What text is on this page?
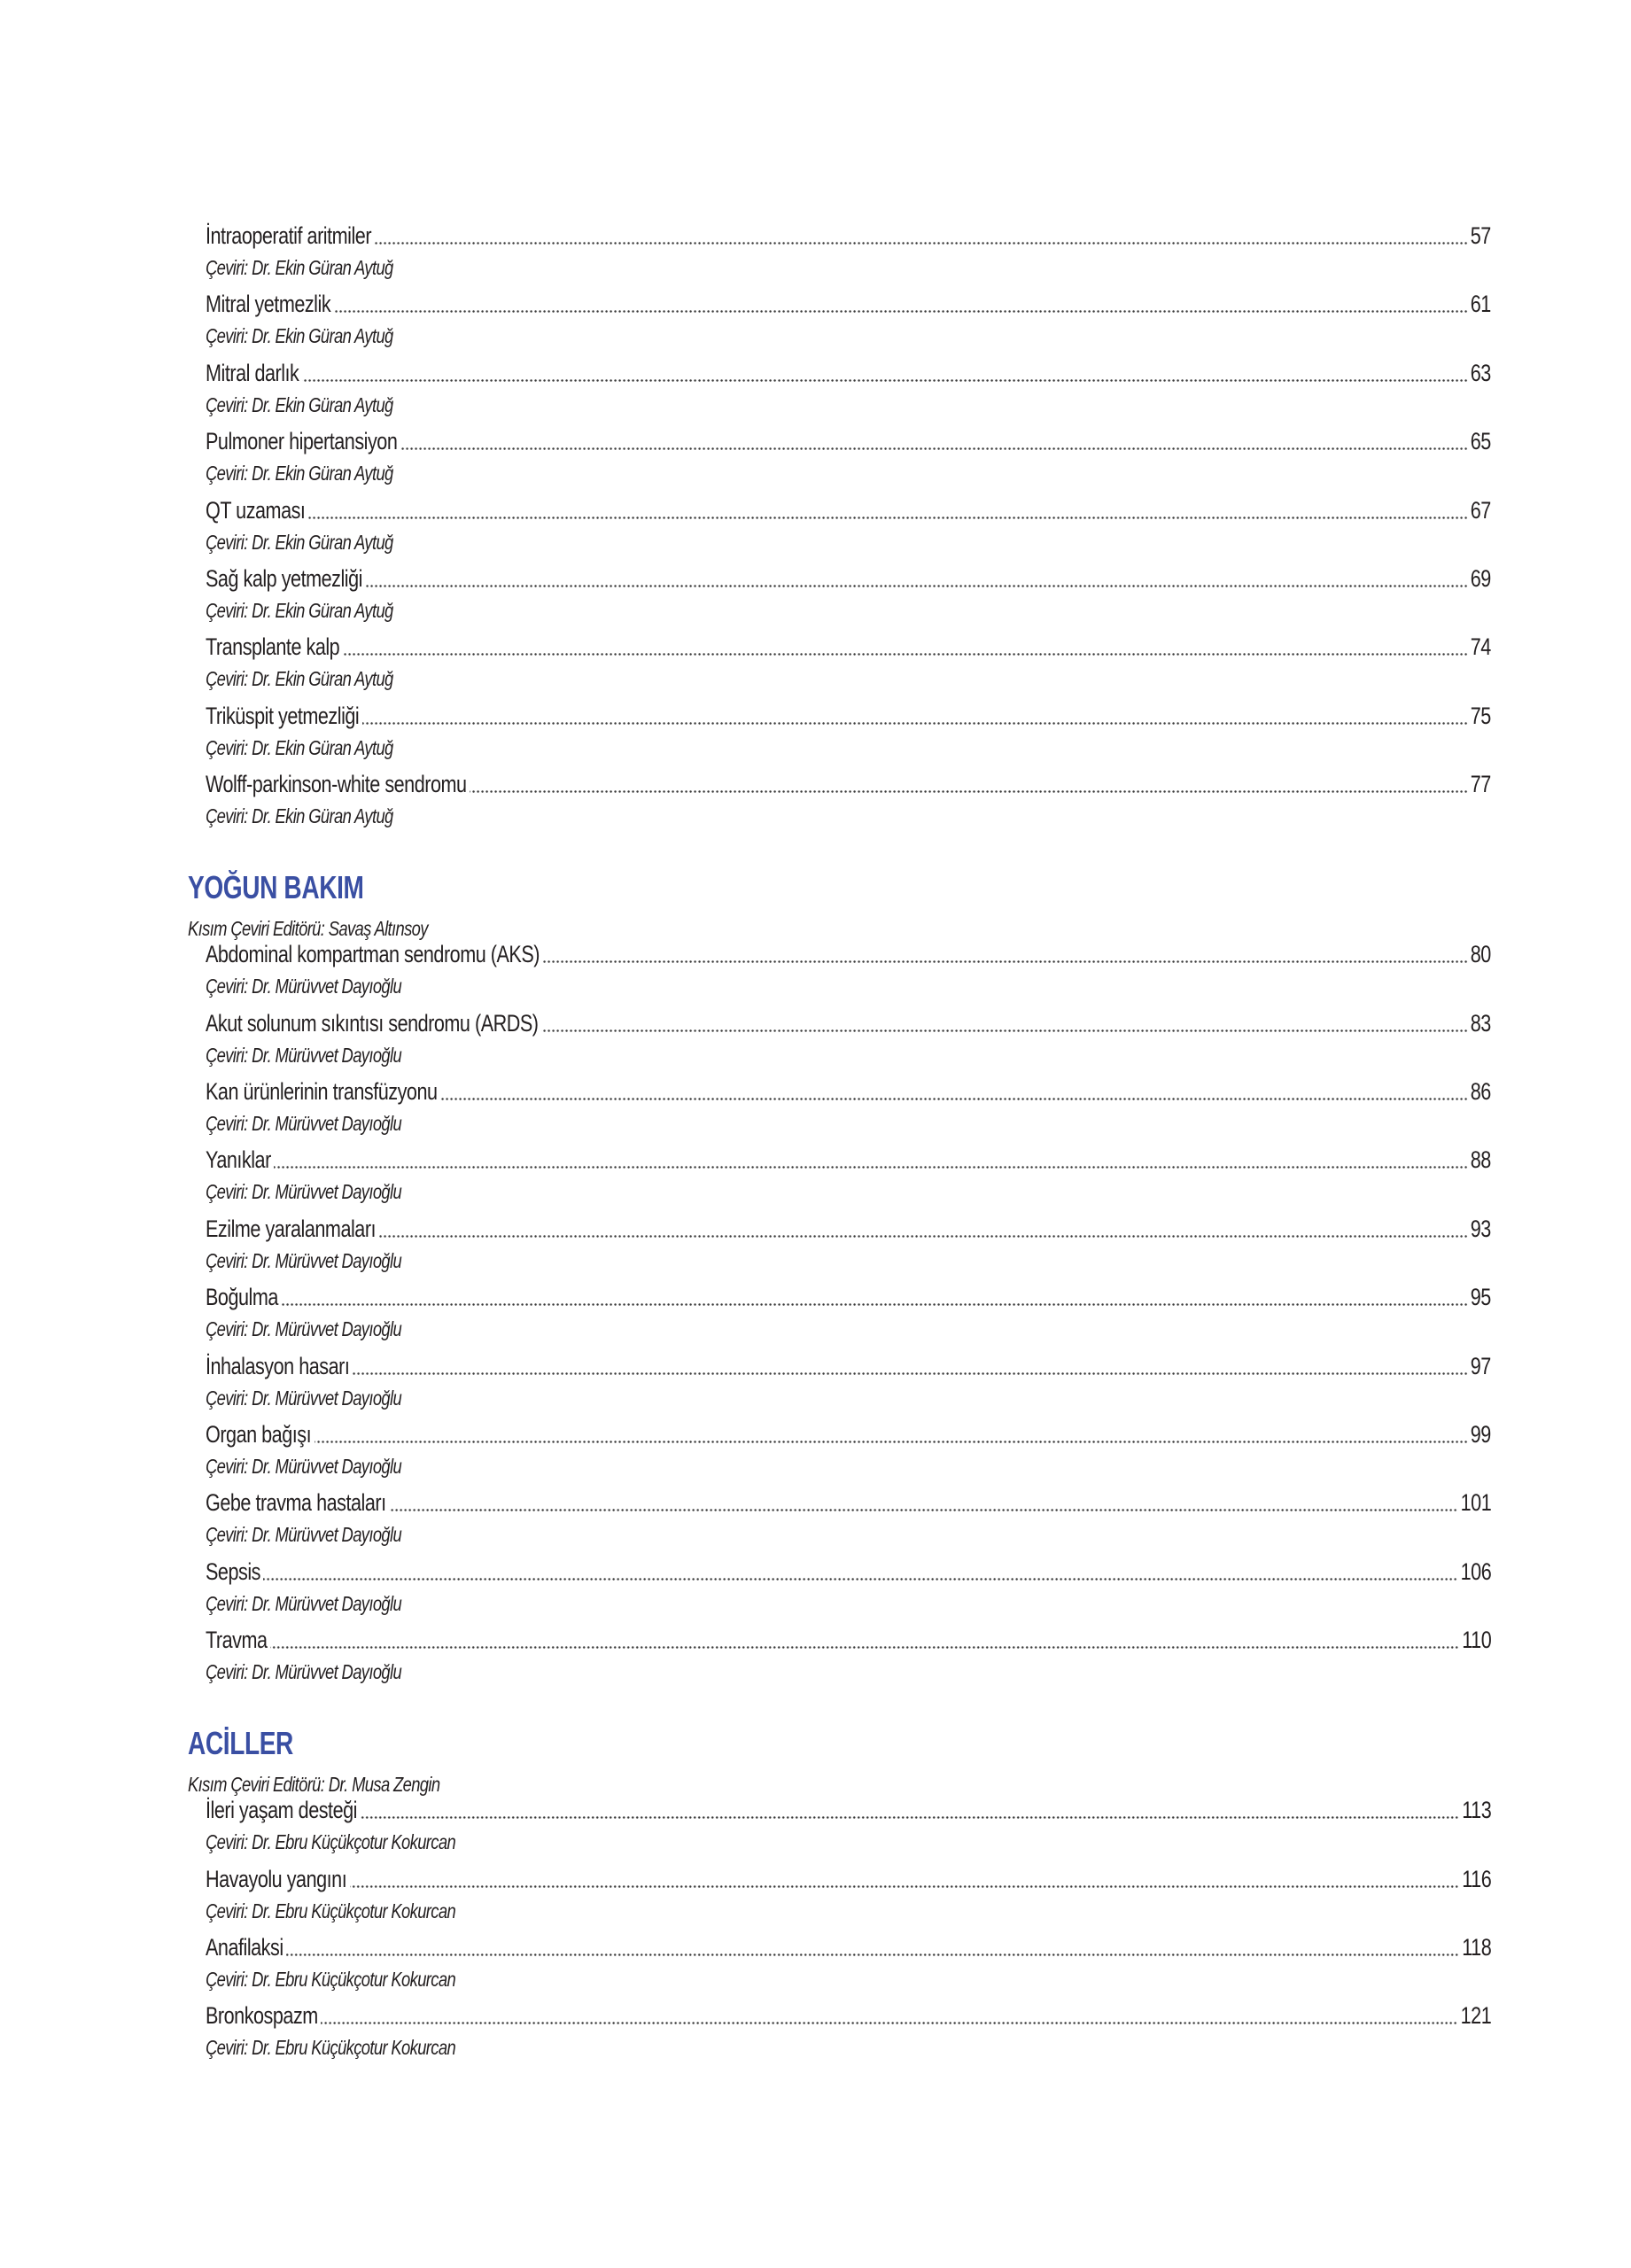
İntraoperatif aritmiler	57
Çeviri: Dr. Ekin Güran Aytuğ
Mitral yetmezlik	61
Çeviri: Dr. Ekin Güran Aytuğ
Mitral darlık	63
Çeviri: Dr. Ekin Güran Aytuğ
Pulmoner hipertansiyon	65
Çeviri: Dr. Ekin Güran Aytuğ
QT uzaması	67
Çeviri: Dr. Ekin Güran Aytuğ
Sağ kalp yetmezliği	69
Çeviri: Dr. Ekin Güran Aytuğ
Transplante kalp	74
Çeviri: Dr. Ekin Güran Aytuğ
Triküspit yetmezliği	75
Çeviri: Dr. Ekin Güran Aytuğ
Wolff-parkinson-white sendromu	77
Çeviri: Dr. Ekin Güran Aytuğ
YOĞUN BAKIM
Kısım Çeviri Editörü: Savaş Altınsoy
Abdominal kompartman sendromu (AKS)	80
Çeviri: Dr. Mürüvvet Dayıoğlu
Akut solunum sıkıntısı sendromu (ARDS)	83
Çeviri: Dr. Mürüvvet Dayıoğlu
Kan ürünlerinin transfüzyonu	86
Çeviri: Dr. Mürüvvet Dayıoğlu
Yanıklar	88
Çeviri: Dr. Mürüvvet Dayıoğlu
Ezilme yaralanmaları	93
Çeviri: Dr. Mürüvvet Dayıoğlu
Boğulma	95
Çeviri: Dr. Mürüvvet Dayıoğlu
İnhalasyon hasarı	97
Çeviri: Dr. Mürüvvet Dayıoğlu
Organ bağışı	99
Çeviri: Dr. Mürüvvet Dayıoğlu
Gebe travma hastaları	101
Çeviri: Dr. Mürüvvet Dayıoğlu
Sepsis	106
Çeviri: Dr. Mürüvvet Dayıoğlu
Travma	110
Çeviri: Dr. Mürüvvet Dayıoğlu
ACİLLER
Kısım Çeviri Editörü: Dr. Musa Zengin
İleri yaşam desteği	113
Çeviri: Dr. Ebru Küçükçotur Kokurcan
Havayolu yangını	116
Çeviri: Dr. Ebru Küçükçotur Kokurcan
Anafilaksi	118
Çeviri: Dr. Ebru Küçükçotur Kokurcan
Bronkospazm	121
Çeviri: Dr. Ebru Küçükçotur Kokurcan
